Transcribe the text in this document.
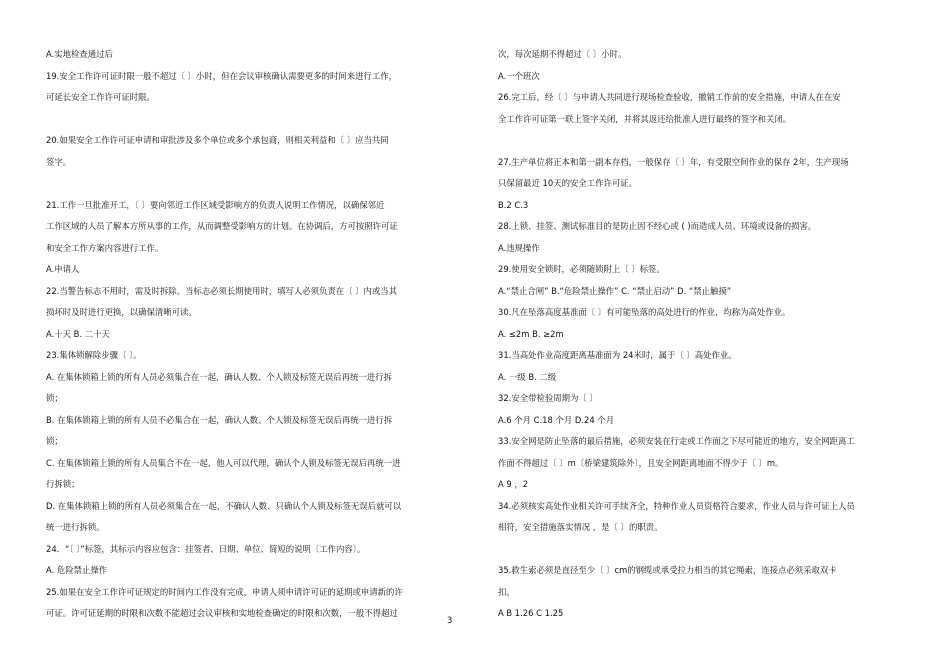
A.实地检查通过后
19.安全工作许可证时限一般不超过〔 〕小时，但在会议审核确认需要更多的时间来进行工作，
可延长安全工作许可证时限。
20.如果安全工作许可证申请和审批涉及多个单位或多个承包商，则相关利益和〔 〕应当共同
签字。
21.工作一旦批准开工，〔 〕要向邻近工作区域受影响方的负责人说明工作情况，以确保邻近
工作区域的人员了解本方所从事的工作，从而调整受影响方的计划。在协调后，方可按照许可证
和安全工作方案内容进行工作。
A.申请人
22.当警告标志不用时，需及时拆除。当标志必须长期使用时，填写人必须负责在〔 〕内或当其
损坏时及时进行更换，以确保清晰可读。
A.十天 B. 二十天
23.集体锁解除步骤〔 〕。
A. 在集体锁箱上锁的所有人员必须集合在一起，确认人数、个人锁及标签无误后再统一进行拆
锁；
B. 在集体锁箱上锁的所有人员不必集合在一起，确认人数、个人锁及标签无误后再统一进行拆
锁；
C. 在集体锁箱上锁的所有人员集合不在一起，他人可以代理，确认个人锁及标签无误后再统一进
行拆锁；
D. 在集体锁箱上锁的所有人员必须集合在一起，不确认人数、只确认个人锁及标签无误后就可以
统一进行拆锁。
24．“〔 〕”标签，其标示内容应包含：挂签者、日期、单位、简短的说明〔工作内容〕。
A. 危险禁止操作
25.如果在安全工作许可证规定的时间内工作没有完成，申请人须申请许可证的延期或申请新的许
可证。许可证延期的时限和次数不能超过会议审核和实地检查确定的时限和次数，一般不得超过
次，每次延期不得超过〔 〕小时。
A.一个班次
26.完工后，经〔 〕与申请人共同进行现场检查验收，撤销工作前的安全措施，申请人在在安
全工作许可证第一联上签字关闭，并将其返还给批准人进行最终的签字和关闭。
27.生产单位将正本和第一副本存档，一般保存〔 〕年，有受限空间作业的保存 2年，生产现场
只保留最近 10天的安全工作许可证。
B.2 C.3
28.上锁、挂签、测试标准目的是防止因不经心或 ( )而造成人员、环境或设备的损害。
A.违规操作
29.使用安全锁时，必须随锁附上〔 〕标签。
A.“禁止合闸” B.“危险禁止操作” C. “禁止启动” D. “禁止触摸”
30.凡在坠落高度基准面〔 〕有可能坠落的高处进行的作业，均称为高处作业。
A. ≤2m B. ≥2m
31.当高处作业高度距离基准面为 24米时，属于〔 〕高处作业。
A. 一级 B. 二级
32.安全带检验周期为〔 〕
A.6 个月 C.18 个月 D.24 个月
33.安全网是防止坠落的最后措施，必须安装在行走或工作面之下尽可能近的地方，安全网距离工
作面不得超过〔 〕m〔桥梁建筑除外〕，且安全网距离地面不得少于〔 〕m。
A 9 ，2
34.必须核实高处作业相关许可手续齐全，特种作业人员资格符合要求，作业人员与许可证上人员
相符，安全措施落实情况 ，是〔 〕的职责。
35.救生索必须是直径至少〔 〕cm的钢缆或承受拉力相当的其它绳索，连接点必须采取双卡
扣。
A B 1.26 C 1.25
3
